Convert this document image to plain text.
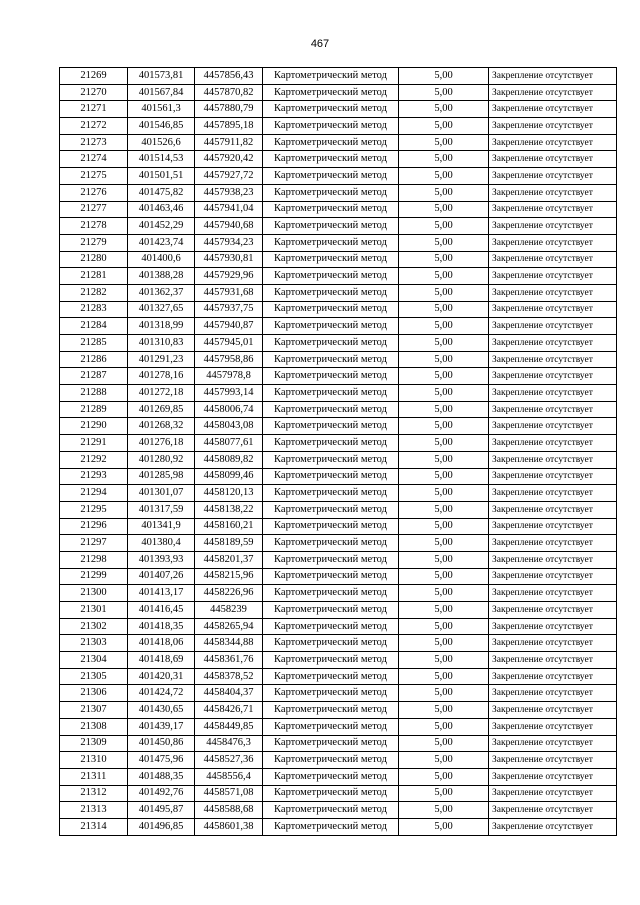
467
21269	401573,81	4457856,43	Картометрический метод	5,00	Закрепление отсутствует
21270	401567,84	4457870,82	Картометрический метод	5,00	Закрепление отсутствует
21271	401561,3	4457880,79	Картометрический метод	5,00	Закрепление отсутствует
21272	401546,85	4457895,18	Картометрический метод	5,00	Закрепление отсутствует
21273	401526,6	4457911,82	Картометрический метод	5,00	Закрепление отсутствует
21274	401514,53	4457920,42	Картометрический метод	5,00	Закрепление отсутствует
21275	401501,51	4457927,72	Картометрический метод	5,00	Закрепление отсутствует
21276	401475,82	4457938,23	Картометрический метод	5,00	Закрепление отсутствует
21277	401463,46	4457941,04	Картометрический метод	5,00	Закрепление отсутствует
21278	401452,29	4457940,68	Картометрический метод	5,00	Закрепление отсутствует
21279	401423,74	4457934,23	Картометрический метод	5,00	Закрепление отсутствует
21280	401400,6	4457930,81	Картометрический метод	5,00	Закрепление отсутствует
21281	401388,28	4457929,96	Картометрический метод	5,00	Закрепление отсутствует
21282	401362,37	4457931,68	Картометрический метод	5,00	Закрепление отсутствует
21283	401327,65	4457937,75	Картометрический метод	5,00	Закрепление отсутствует
21284	401318,99	4457940,87	Картометрический метод	5,00	Закрепление отсутствует
21285	401310,83	4457945,01	Картометрический метод	5,00	Закрепление отсутствует
21286	401291,23	4457958,86	Картометрический метод	5,00	Закрепление отсутствует
21287	401278,16	4457978,8	Картометрический метод	5,00	Закрепление отсутствует
21288	401272,18	4457993,14	Картометрический метод	5,00	Закрепление отсутствует
21289	401269,85	4458006,74	Картометрический метод	5,00	Закрепление отсутствует
21290	401268,32	4458043,08	Картометрический метод	5,00	Закрепление отсутствует
21291	401276,18	4458077,61	Картометрический метод	5,00	Закрепление отсутствует
21292	401280,92	4458089,82	Картометрический метод	5,00	Закрепление отсутствует
21293	401285,98	4458099,46	Картометрический метод	5,00	Закрепление отсутствует
21294	401301,07	4458120,13	Картометрический метод	5,00	Закрепление отсутствует
21295	401317,59	4458138,22	Картометрический метод	5,00	Закрепление отсутствует
21296	401341,9	4458160,21	Картометрический метод	5,00	Закрепление отсутствует
21297	401380,4	4458189,59	Картометрический метод	5,00	Закрепление отсутствует
21298	401393,93	4458201,37	Картометрический метод	5,00	Закрепление отсутствует
21299	401407,26	4458215,96	Картометрический метод	5,00	Закрепление отсутствует
21300	401413,17	4458226,96	Картометрический метод	5,00	Закрепление отсутствует
21301	401416,45	4458239	Картометрический метод	5,00	Закрепление отсутствует
21302	401418,35	4458265,94	Картометрический метод	5,00	Закрепление отсутствует
21303	401418,06	4458344,88	Картометрический метод	5,00	Закрепление отсутствует
21304	401418,69	4458361,76	Картометрический метод	5,00	Закрепление отсутствует
21305	401420,31	4458378,52	Картометрический метод	5,00	Закрепление отсутствует
21306	401424,72	4458404,37	Картометрический метод	5,00	Закрепление отсутствует
21307	401430,65	4458426,71	Картометрический метод	5,00	Закрепление отсутствует
21308	401439,17	4458449,85	Картометрический метод	5,00	Закрепление отсутствует
21309	401450,86	4458476,3	Картометрический метод	5,00	Закрепление отсутствует
21310	401475,96	4458527,36	Картометрический метод	5,00	Закрепление отсутствует
21311	401488,35	4458556,4	Картометрический метод	5,00	Закрепление отсутствует
21312	401492,76	4458571,08	Картометрический метод	5,00	Закрепление отсутствует
21313	401495,87	4458588,68	Картометрический метод	5,00	Закрепление отсутствует
21314	401496,85	4458601,38	Картометрический метод	5,00	Закрепление отсутствует
